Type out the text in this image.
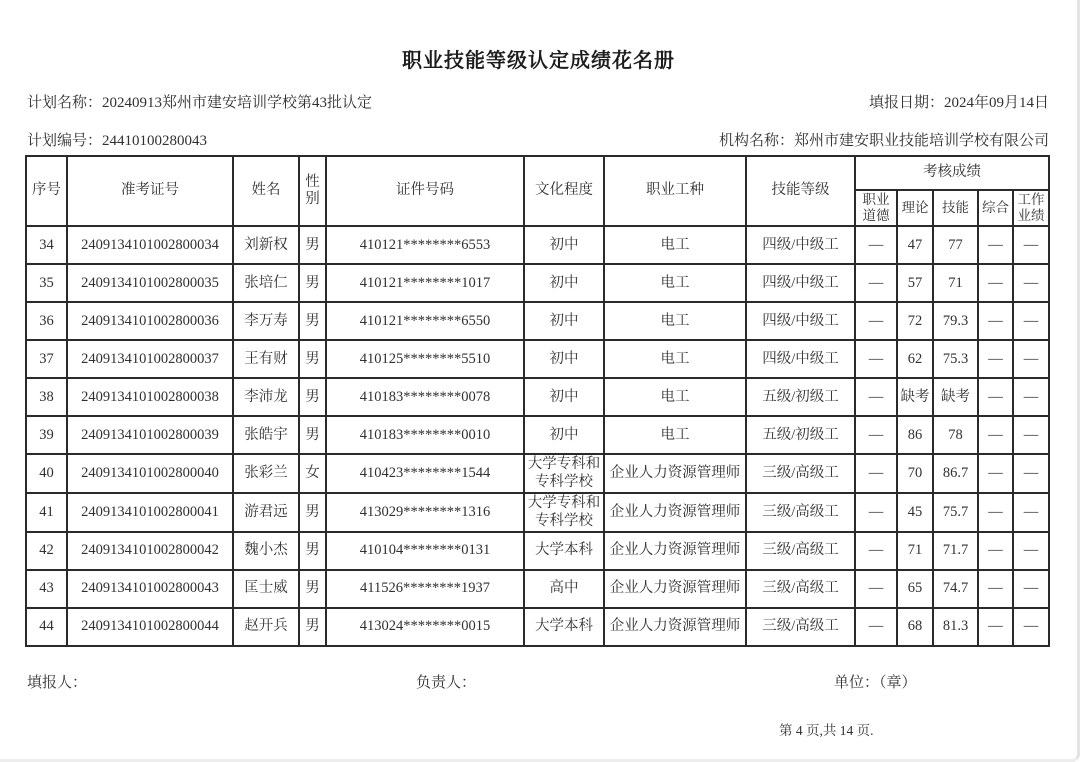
职业技能等级认定成绩花名册
计划名称：20240913郑州市建安培训学校第43批认定	填报日期：2024年09月14日
计划编号：24410100280043	机构名称：郑州市建安职业技能培训学校有限公司
序号	准考证号	姓名	性别	证件号码	文化程度	职业工种	技能等级	考核成绩				
								职业道德	理论	技能	综合	工作业绩
34	2409134101002800034	刘新权	男	410121********6553	初中	电工	四级/中级工	—	47	77	—	—
35	2409134101002800035	张培仁	男	410121********1017	初中	电工	四级/中级工	—	57	71	—	—
36	2409134101002800036	李万寿	男	410121********6550	初中	电工	四级/中级工	—	72	79.3	—	—
37	2409134101002800037	王有财	男	410125********5510	初中	电工	四级/中级工	—	62	75.3	—	—
38	2409134101002800038	李沛龙	男	410183********0078	初中	电工	五级/初级工	—	缺考	缺考	—	—
39	2409134101002800039	张皓宇	男	410183********0010	初中	电工	五级/初级工	—	86	78	—	—
40	2409134101002800040	张彩兰	女	410423********1544	大学专科和专科学校	企业人力资源管理师	三级/高级工	—	70	86.7	—	—
41	2409134101002800041	游君远	男	413029********1316	大学专科和专科学校	企业人力资源管理师	三级/高级工	—	45	75.7	—	—
42	2409134101002800042	魏小杰	男	410104********0131	大学本科	企业人力资源管理师	三级/高级工	—	71	71.7	—	—
43	2409134101002800043	匡士威	男	411526********1937	高中	企业人力资源管理师	三级/高级工	—	65	74.7	—	—
44	2409134101002800044	赵开兵	男	413024********0015	大学本科	企业人力资源管理师	三级/高级工	—	68	81.3	—	—
填报人：	负责人：	单位：（章）
第 4 页,共 14 页.
